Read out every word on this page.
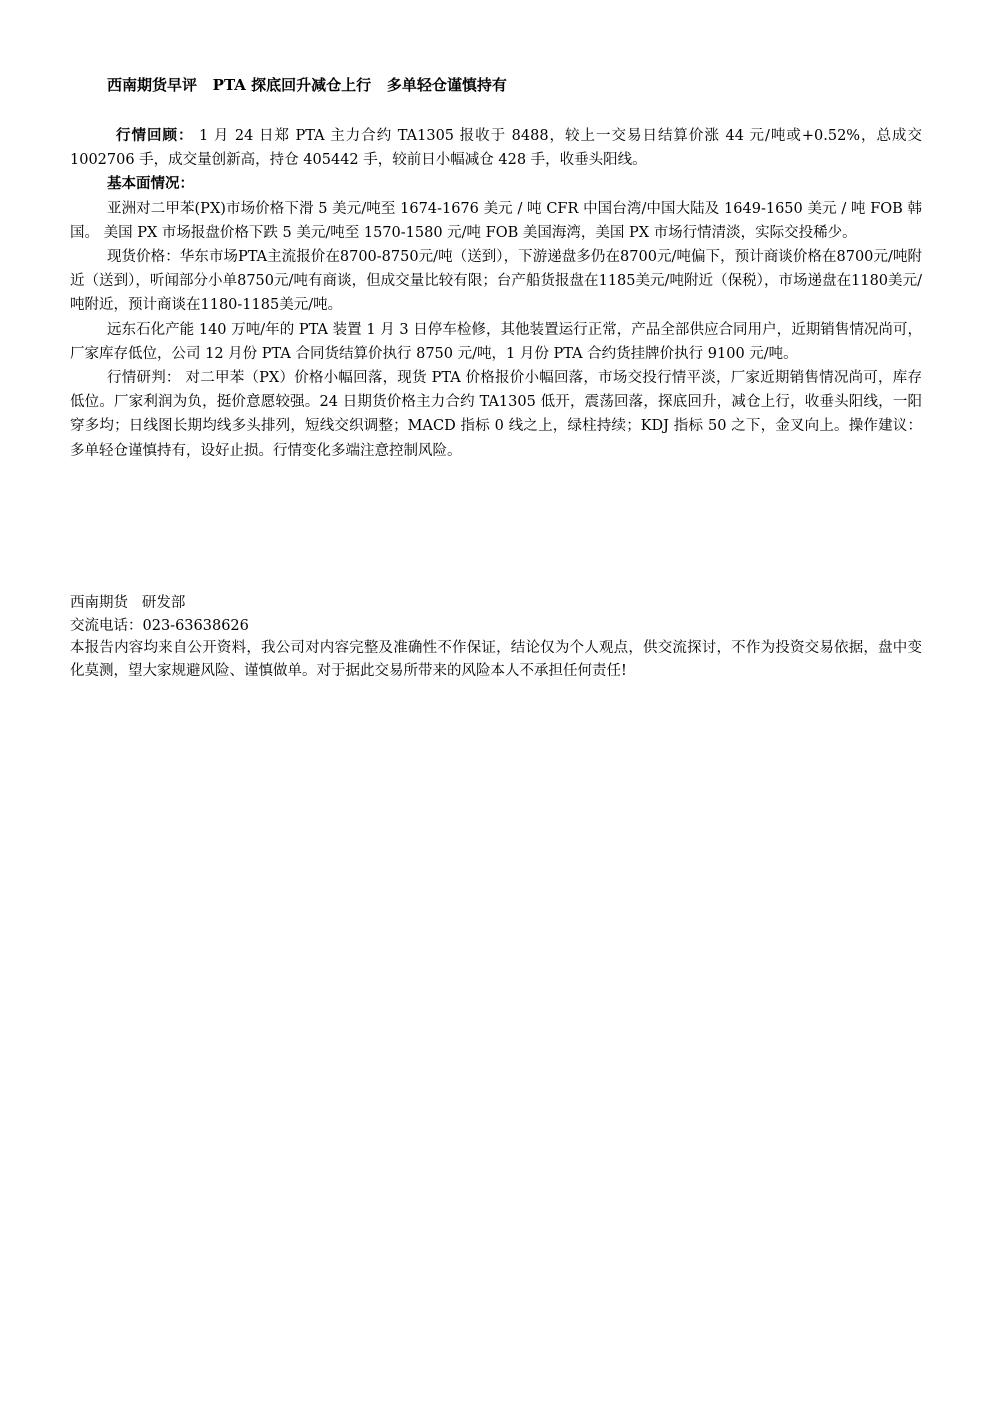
西南期货早评   PTA 探底回升减仓上行   多单轻仓谨慎持有

行情回顾： 1 月 24 日郑 PTA 主力合约 TA1305 报收于 8488，较上一交易日结算价涨 44 元/吨或+0.52%，总成交 1002706 手，成交量创新高，持仓 405442 手，较前日小幅减仓 428 手，收垂头阳线。

基本面情况：

亚洲对二甲苯(PX)市场价格下滑 5 美元/吨至 1674-1676 美元 / 吨 CFR 中国台湾/中国大陆及 1649-1650 美元 / 吨 FOB 韩国。 美国 PX 市场报盘价格下跌 5 美元/吨至 1570-1580 元/吨 FOB 美国海湾，美国 PX 市场行情清淡，实际交投稀少。

现货价格：华东市场PTA主流报价在8700-8750元/吨（送到），下游递盘多仍在8700元/吨偏下，预计商谈价格在8700元/吨附近（送到），听闻部分小单8750元/吨有商谈，但成交量比较有限；台产船货报盘在1185美元/吨附近（保税），市场递盘在1180美元/吨附近，预计商谈在1180-1185美元/吨。

远东石化产能 140 万吨/年的 PTA 装置 1 月 3 日停车检修，其他装置运行正常，产品全部供应合同用户，近期销售情况尚可，厂家库存低位，公司 12 月份 PTA 合同货结算价执行 8750 元/吨，1 月份 PTA 合约货挂牌价执行 9100 元/吨。

行情研判： 对二甲苯（PX）价格小幅回落，现货 PTA 价格报价小幅回落，市场交投行情平淡，厂家近期销售情况尚可，库存低位。厂家利润为负，挺价意愿较强。24 日期货价格主力合约 TA1305 低开，震荡回落，探底回升，减仓上行，收垂头阳线，一阳穿多均；日线图长期均线多头排列，短线交织调整；MACD 指标 0 线之上，绿柱持续；KDJ 指标 50 之下，金叉向上。操作建议：多单轻仓谨慎持有，设好止损。行情变化多端注意控制风险。

西南期货   研发部

交流电话：023-63638626

本报告内容均来自公开资料，我公司对内容完整及准确性不作保证，结论仅为个人观点，供交流探讨，不作为投资交易依据，盘中变化莫测，望大家规避风险、谨慎做单。对于据此交易所带来的风险本人不承担任何责任!
